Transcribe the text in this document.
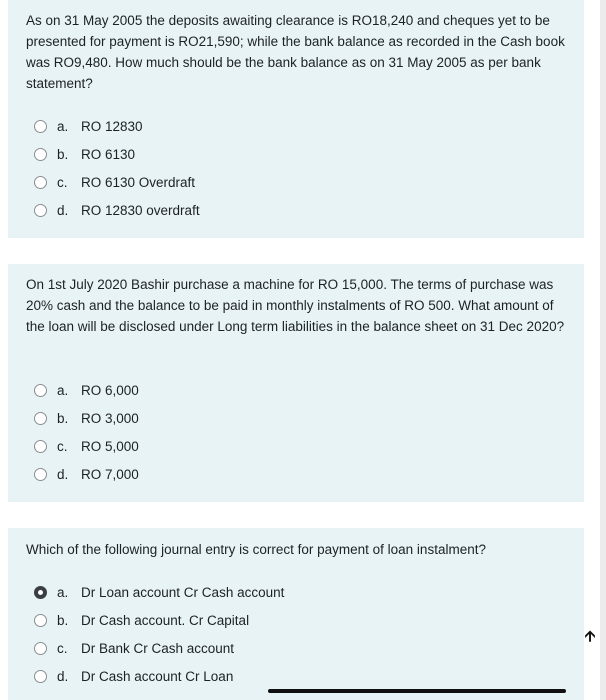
As on 31 May 2005 the deposits awaiting clearance is RO18,240 and cheques yet to be presented for payment is RO21,590; while the bank balance as recorded in the Cash book was RO9,480. How much should be the bank balance as on 31 May 2005 as per bank statement?

a. RO 12830
b. RO 6130
c. RO 6130 Overdraft
d. RO 12830 overdraft

On 1st July 2020 Bashir purchase a machine for RO 15,000. The terms of purchase was 20% cash and the balance to be paid in monthly instalments of RO 500. What amount of the loan will be disclosed under Long term liabilities in the balance sheet on 31 Dec 2020?

a. RO 6,000
b. RO 3,000
c. RO 5,000
d. RO 7,000

Which of the following journal entry is correct for payment of loan instalment?

a. Dr Loan account Cr Cash account
b. Dr Cash account. Cr Capital
c. Dr Bank Cr Cash account
d. Dr Cash account Cr Loan
🡩
